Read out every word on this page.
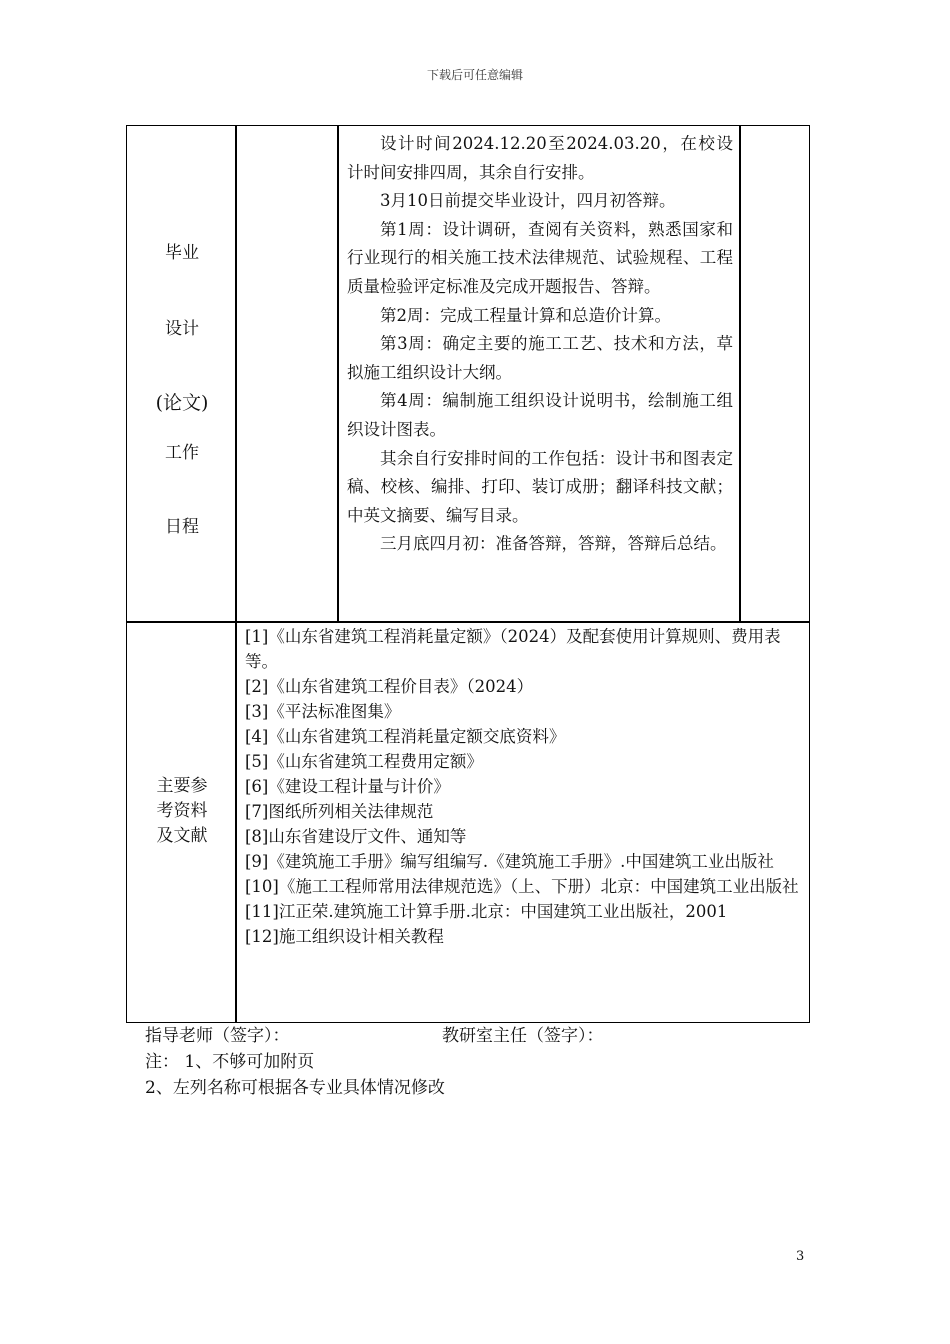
下载后可任意编辑
毕业
设计
(论文)
工作
日程

设计时间2024.12.20至2024.03.20，在校设计时间安排四周，其余自行安排。

3月10日前提交毕业设计，四月初答辩。

第1周：设计调研，查阅有关资料，熟悉国家和行业现行的相关施工技术法律规范、试验规程、工程质量检验评定标准及完成开题报告、答辩。

第2周：完成工程量计算和总造价计算。

第3周：确定主要的施工工艺、技术和方法，草拟施工组织设计大纲。

第4周：编制施工组织设计说明书，绘制施工组织设计图表。

其余自行安排时间的工作包括：设计书和图表定稿、校核、编排、打印、装订成册；翻译科技文献；中英文摘要、编写目录。

三月底四月初：准备答辩，答辩，答辩后总结。

主要参
考资料
及文献

[1]《山东省建筑工程消耗量定额》（2024）及配套使用计算规则、费用表等。

[2]《山东省建筑工程价目表》（2024）

[3]《平法标准图集》

[4]《山东省建筑工程消耗量定额交底资料》

[5]《山东省建筑工程费用定额》

[6]《建设工程计量与计价》

[7]图纸所列相关法律规范

[8]山东省建设厅文件、通知等

[9]《建筑施工手册》编写组编写.《建筑施工手册》.中国建筑工业出版社

[10]《施工工程师常用法律规范选》（上、下册）北京：中国建筑工业出版社

[11]江正荣.建筑施工计算手册.北京：中国建筑工业出版社，2001

[12]施工组织设计相关教程

指导老师（签字）：	教研室主任（签字）：
注： 1、不够可加附页
2、左列名称可根据各专业具体情况修改
3
